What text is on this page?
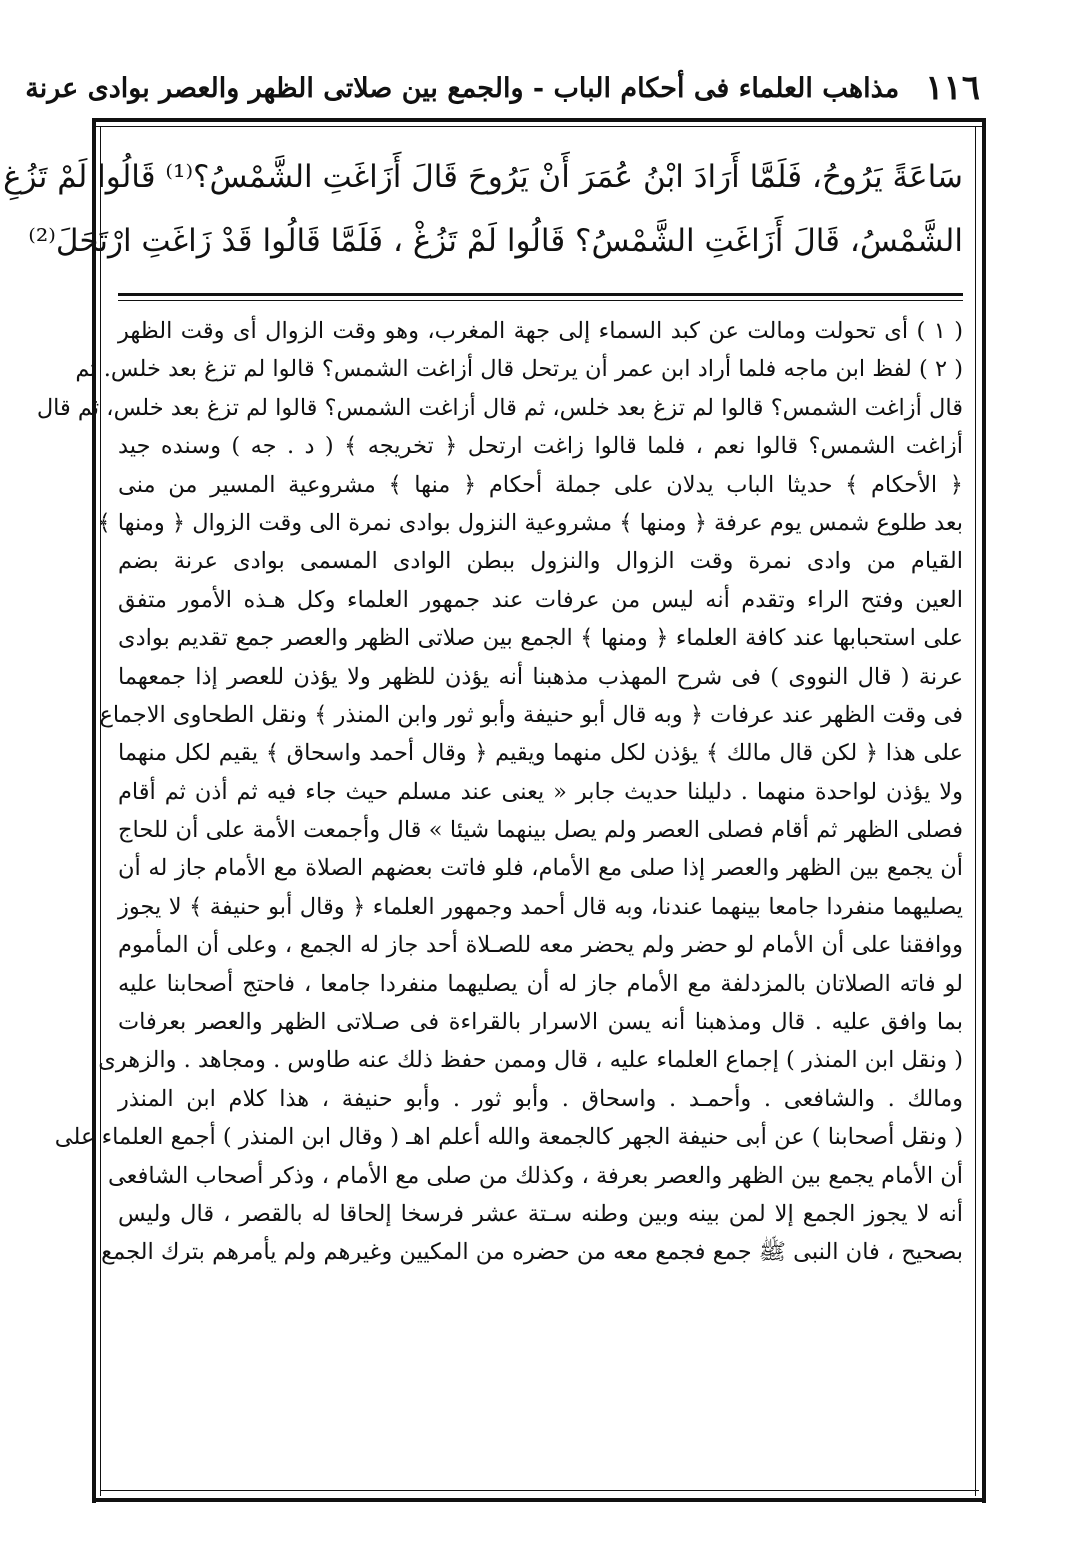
١١٦
مذاهب العلماء فى أحكام الباب - والجمع بين صلاتى الظهر والعصر بوادى عرنة
سَاعَةً يَرُوحُ، فَلَمَّا أَرَادَ ابْنُ عُمَرَ أَنْ يَرُوحَ قَالَ أَزَاغَتِ الشَّمْسُ؟⁽¹⁾ قَالُوا لَمْ تَزُغِ
الشَّمْسُ، قَالَ أَزَاغَتِ الشَّمْسُ؟ قَالُوا لَمْ تَزُغْ ، فَلَمَّا قَالُوا قَدْ زَاغَتِ ارْتَحَلَ⁽²⁾
( ١ ) أى تحولت ومالت عن كبد السماء إلى جهة المغرب، وهو وقت الزوال أى وقت الظهر
( ٢ ) لفظ ابن ماجه فلما أراد ابن عمر أن يرتحل قال أزاغت الشمس؟ قالوا لم تزغ بعد خلس. ثم
قال أزاغت الشمس؟ قالوا لم تزغ بعد خلس، ثم قال أزاغت الشمس؟ قالوا لم تزغ بعد خلس، ثم قال
أزاغت الشمس؟ قالوا نعم ، فلما قالوا زاغت ارتحل ﴿ تخريجه ﴾ ( د . جه ) وسنده جيد
﴿ الأحكام ﴾ حديثا الباب يدلان على جملة أحكام ﴿ منها ﴾ مشروعية المسير من منى
بعد طلوع شمس يوم عرفة ﴿ ومنها ﴾ مشروعية النزول بوادى نمرة الى وقت الزوال ﴿ ومنها ﴾
القيام من وادى نمرة وقت الزوال والنزول ببطن الوادى المسمى بوادى عرنة بضم
العين وفتح الراء وتقدم أنه ليس من عرفات عند جمهور العلماء وكل هـذه الأمور متفق
على استحبابها عند كافة العلماء ﴿ ومنها ﴾ الجمع بين صلاتى الظهر والعصر جمع تقديم بوادى
عرنة ( قال النووى ) فى شرح المهذب مذهبنا أنه يؤذن للظهر ولا يؤذن للعصر إذا جمعهما
فى وقت الظهر عند عرفات ﴿ وبه قال أبو حنيفة وأبو ثور وابن المنذر ﴾ ونقل الطحاوى الاجماع
على هذا ﴿ لكن قال مالك ﴾ يؤذن لكل منهما ويقيم ﴿ وقال أحمد واسحاق ﴾ يقيم لكل منهما
ولا يؤذن لواحدة منهما . دليلنا حديث جابر « يعنى عند مسلم حيث جاء فيه ثم أذن ثم أقام
فصلى الظهر ثم أقام فصلى العصر ولم يصل بينهما شيئا » قال وأجمعت الأمة على أن للحاج
أن يجمع بين الظهر والعصر إذا صلى مع الأمام، فلو فاتت بعضهم الصلاة مع الأمام جاز له أن
يصليهما منفردا جامعا بينهما عندنا، وبه قال أحمد وجمهور العلماء ﴿ وقال أبو حنيفة ﴾ لا يجوز
ووافقنا على أن الأمام لو حضر ولم يحضر معه للصـلاة أحد جاز له الجمع ، وعلى أن المأموم
لو فاته الصلاتان بالمزدلفة مع الأمام جاز له أن يصليهما منفردا جامعا ، فاحتج أصحابنا عليه
بما وافق عليه . قال ومذهبنا أنه يسن الاسرار بالقراءة فى صـلاتى الظهر والعصر بعرفات
( ونقل ابن المنذر ) إجماع العلماء عليه ، قال وممن حفظ ذلك عنه طاوس . ومجاهد . والزهرى
ومالك . والشافعى . وأحمـد . واسحاق . وأبو ثور . وأبو حنيفة ، هذا كلام ابن المنذر
( ونقل أصحابنا ) عن أبى حنيفة الجهر كالجمعة والله أعلم اهـ ( وقال ابن المنذر ) أجمع العلماء على
أن الأمام يجمع بين الظهر والعصر بعرفة ، وكذلك من صلى مع الأمام ، وذكر أصحاب الشافعى
أنه لا يجوز الجمع إلا لمن بينه وبين وطنه سـتة عشر فرسخا إلحاقا له بالقصر ، قال وليس
بصحيح ، فان النبى ﷺ جمع فجمع معه من حضره من المكيين وغيرهم ولم يأمرهم بترك الجمع
